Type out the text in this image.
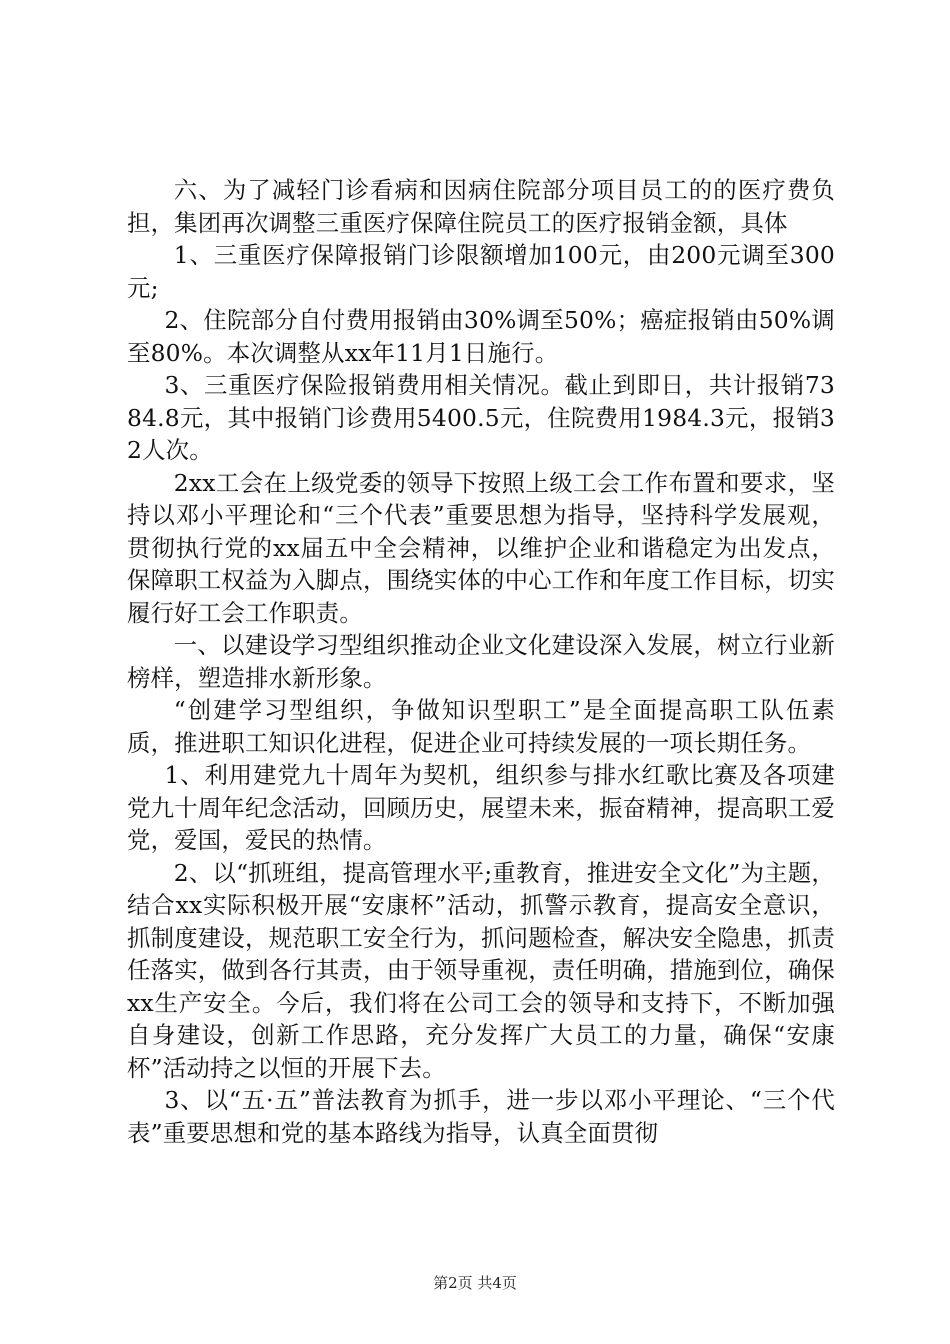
六、为了减轻门诊看病和因病住院部分项目员工的的医疗费负担，集团再次调整三重医疗保障住院员工的医疗报销金额，具体

1、三重医疗保障报销门诊限额增加100元，由200元调至300元;

2、住院部分自付费用报销由30%调至50%；癌症报销由50%调至80%。本次调整从xx年11月1日施行。

3、三重医疗保险报销费用相关情况。截止到即日，共计报销7384.8元，其中报销门诊费用5400.5元，住院费用1984.3元，报销32人次。

2xx工会在上级党委的领导下按照上级工会工作布置和要求，坚持以邓小平理论和“三个代表”重要思想为指导，坚持科学发展观，贯彻执行党的xx届五中全会精神，以维护企业和谐稳定为出发点，保障职工权益为入脚点，围绕实体的中心工作和年度工作目标，切实履行好工会工作职责。

一、以建设学习型组织推动企业文化建设深入发展，树立行业新榜样，塑造排水新形象。

“创建学习型组织，争做知识型职工”是全面提高职工队伍素质，推进职工知识化进程，促进企业可持续发展的一项长期任务。

1、利用建党九十周年为契机，组织参与排水红歌比赛及各项建党九十周年纪念活动，回顾历史，展望未来，振奋精神，提高职工爱党，爱国，爱民的热情。

2、以“抓班组，提高管理水平;重教育，推进安全文化”为主题，结合xx实际积极开展“安康杯”活动，抓警示教育，提高安全意识，抓制度建设，规范职工安全行为，抓问题检查，解决安全隐患，抓责任落实，做到各行其责，由于领导重视，责任明确，措施到位，确保xx生产安全。今后，我们将在公司工会的领导和支持下，不断加强自身建设，创新工作思路，充分发挥广大员工的力量，确保“安康杯”活动持之以恒的开展下去。

3、以“五·五”普法教育为抓手，进一步以邓小平理论、“三个代表”重要思想和党的基本路线为指导，认真全面贯彻

第2页 共4页
